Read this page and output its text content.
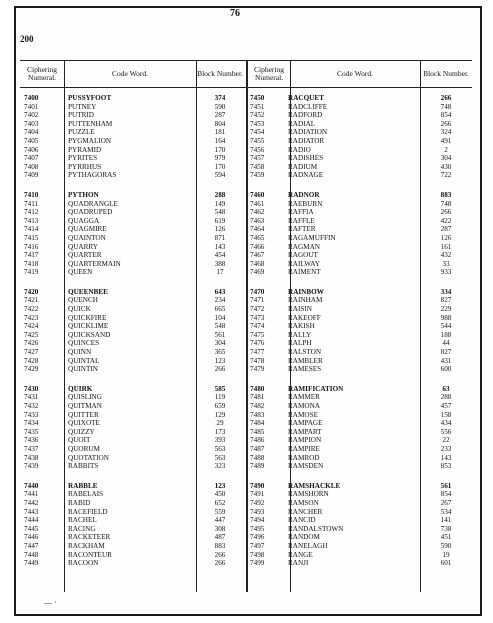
200
76
Ciphering Numeral.	Code Word.	Block Number.	Ciphering Numeral.	Code Word.	Block Number.
7400	PUSSYFOOT	374	7450	RACQUET	266
7401	PUTNEY	590	7451	RADCLIFFE	748
7402	PUTRID	287	7452	RADFORD	854
7403	PUTTENHAM	804	7453	RADIAL	266
7404	PUZZLE	181	7454	RADIATION	324
7405	PYGMALION	164	7455	RADIATOR	491
7406	PYRAMID	170	7456	RADIO	2
7407	PYRITES	979	7457	RADISHES	304
7408	PYRRHUS	170	7458	RADIUM	430
7409	PYTHAGORAS	594	7459	RADNAGE	722
7410	PYTHON	288	7460	RADNOR	883
7411	QUADRANGLE	149	7461	RAEBURN	748
7412	QUADRUPED	548	7462	RAFFIA	266
7413	QUAGGA	619	7463	RAFFLE	422
7414	QUAGMIRE	126	7464	RAFTER	287
7415	QUAINTON	871	7465	RAGAMUFFIN	126
7416	QUARRY	143	7466	RAGMAN	161
7417	QUARTER	454	7467	RAGOUT	432
7418	QUARTERMAIN	388	7468	RAILWAY	33
7419	QUEEN	17	7469	RAIMENT	933
7420	QUEENBEE	643	7470	RAINBOW	334
7421	QUENCH	234	7471	RAINHAM	827
7422	QUICK	665	7472	RAISIN	229
7423	QUICKFIRE	104	7473	RAKEOFF	988
7424	QUICKLIME	548	7474	RAKISH	544
7425	QUICKSAND	561	7475	RALLY	188
7426	QUINCES	304	7476	RALPH	44
7427	QUINN	365	7477	RALSTON	827
7428	QUINTAL	123	7478	RAMBLER	431
7429	QUINTIN	266	7479	RAMESES	600
7430	QUIRK	585	7480	RAMIFICATION	63
7431	QUISLING	119	7481	RAMMER	288
7432	QUITMAN	659	7482	RAMONA	457
7433	QUITTER	129	7483	RAMOSE	158
7434	QUIXOTE	29	7484	RAMPAGE	434
7435	QUIZZY	173	7485	RAMPART	556
7436	QUOIT	393	7486	RAMPION	22
7437	QUORUM	563	7487	RAMPIRE	233
7438	QUOTATION	563	7488	RAMROD	143
7439	RABBITS	323	7489	RAMSDEN	853
7440	RABBLE	123	7490	RAMSHACKLE	561
7441	RABELAIS	450	7491	RAMSHORN	854
7442	RABID	652	7492	RAMSON	267
7443	RACEFIELD	559	7493	RANCHER	534
7444	RACHEL	447	7494	RANCID	141
7445	RACING	308	7495	RANDALSTOWN	738
7446	RACKETEER	487	7496	RANDOM	451
7447	RACKHAM	883	7497	RANELAGH	590
7448	RACONTEUR	266	7498	RANGE	19
7449	RACOON	266	7499	RANJI	601
— ·
